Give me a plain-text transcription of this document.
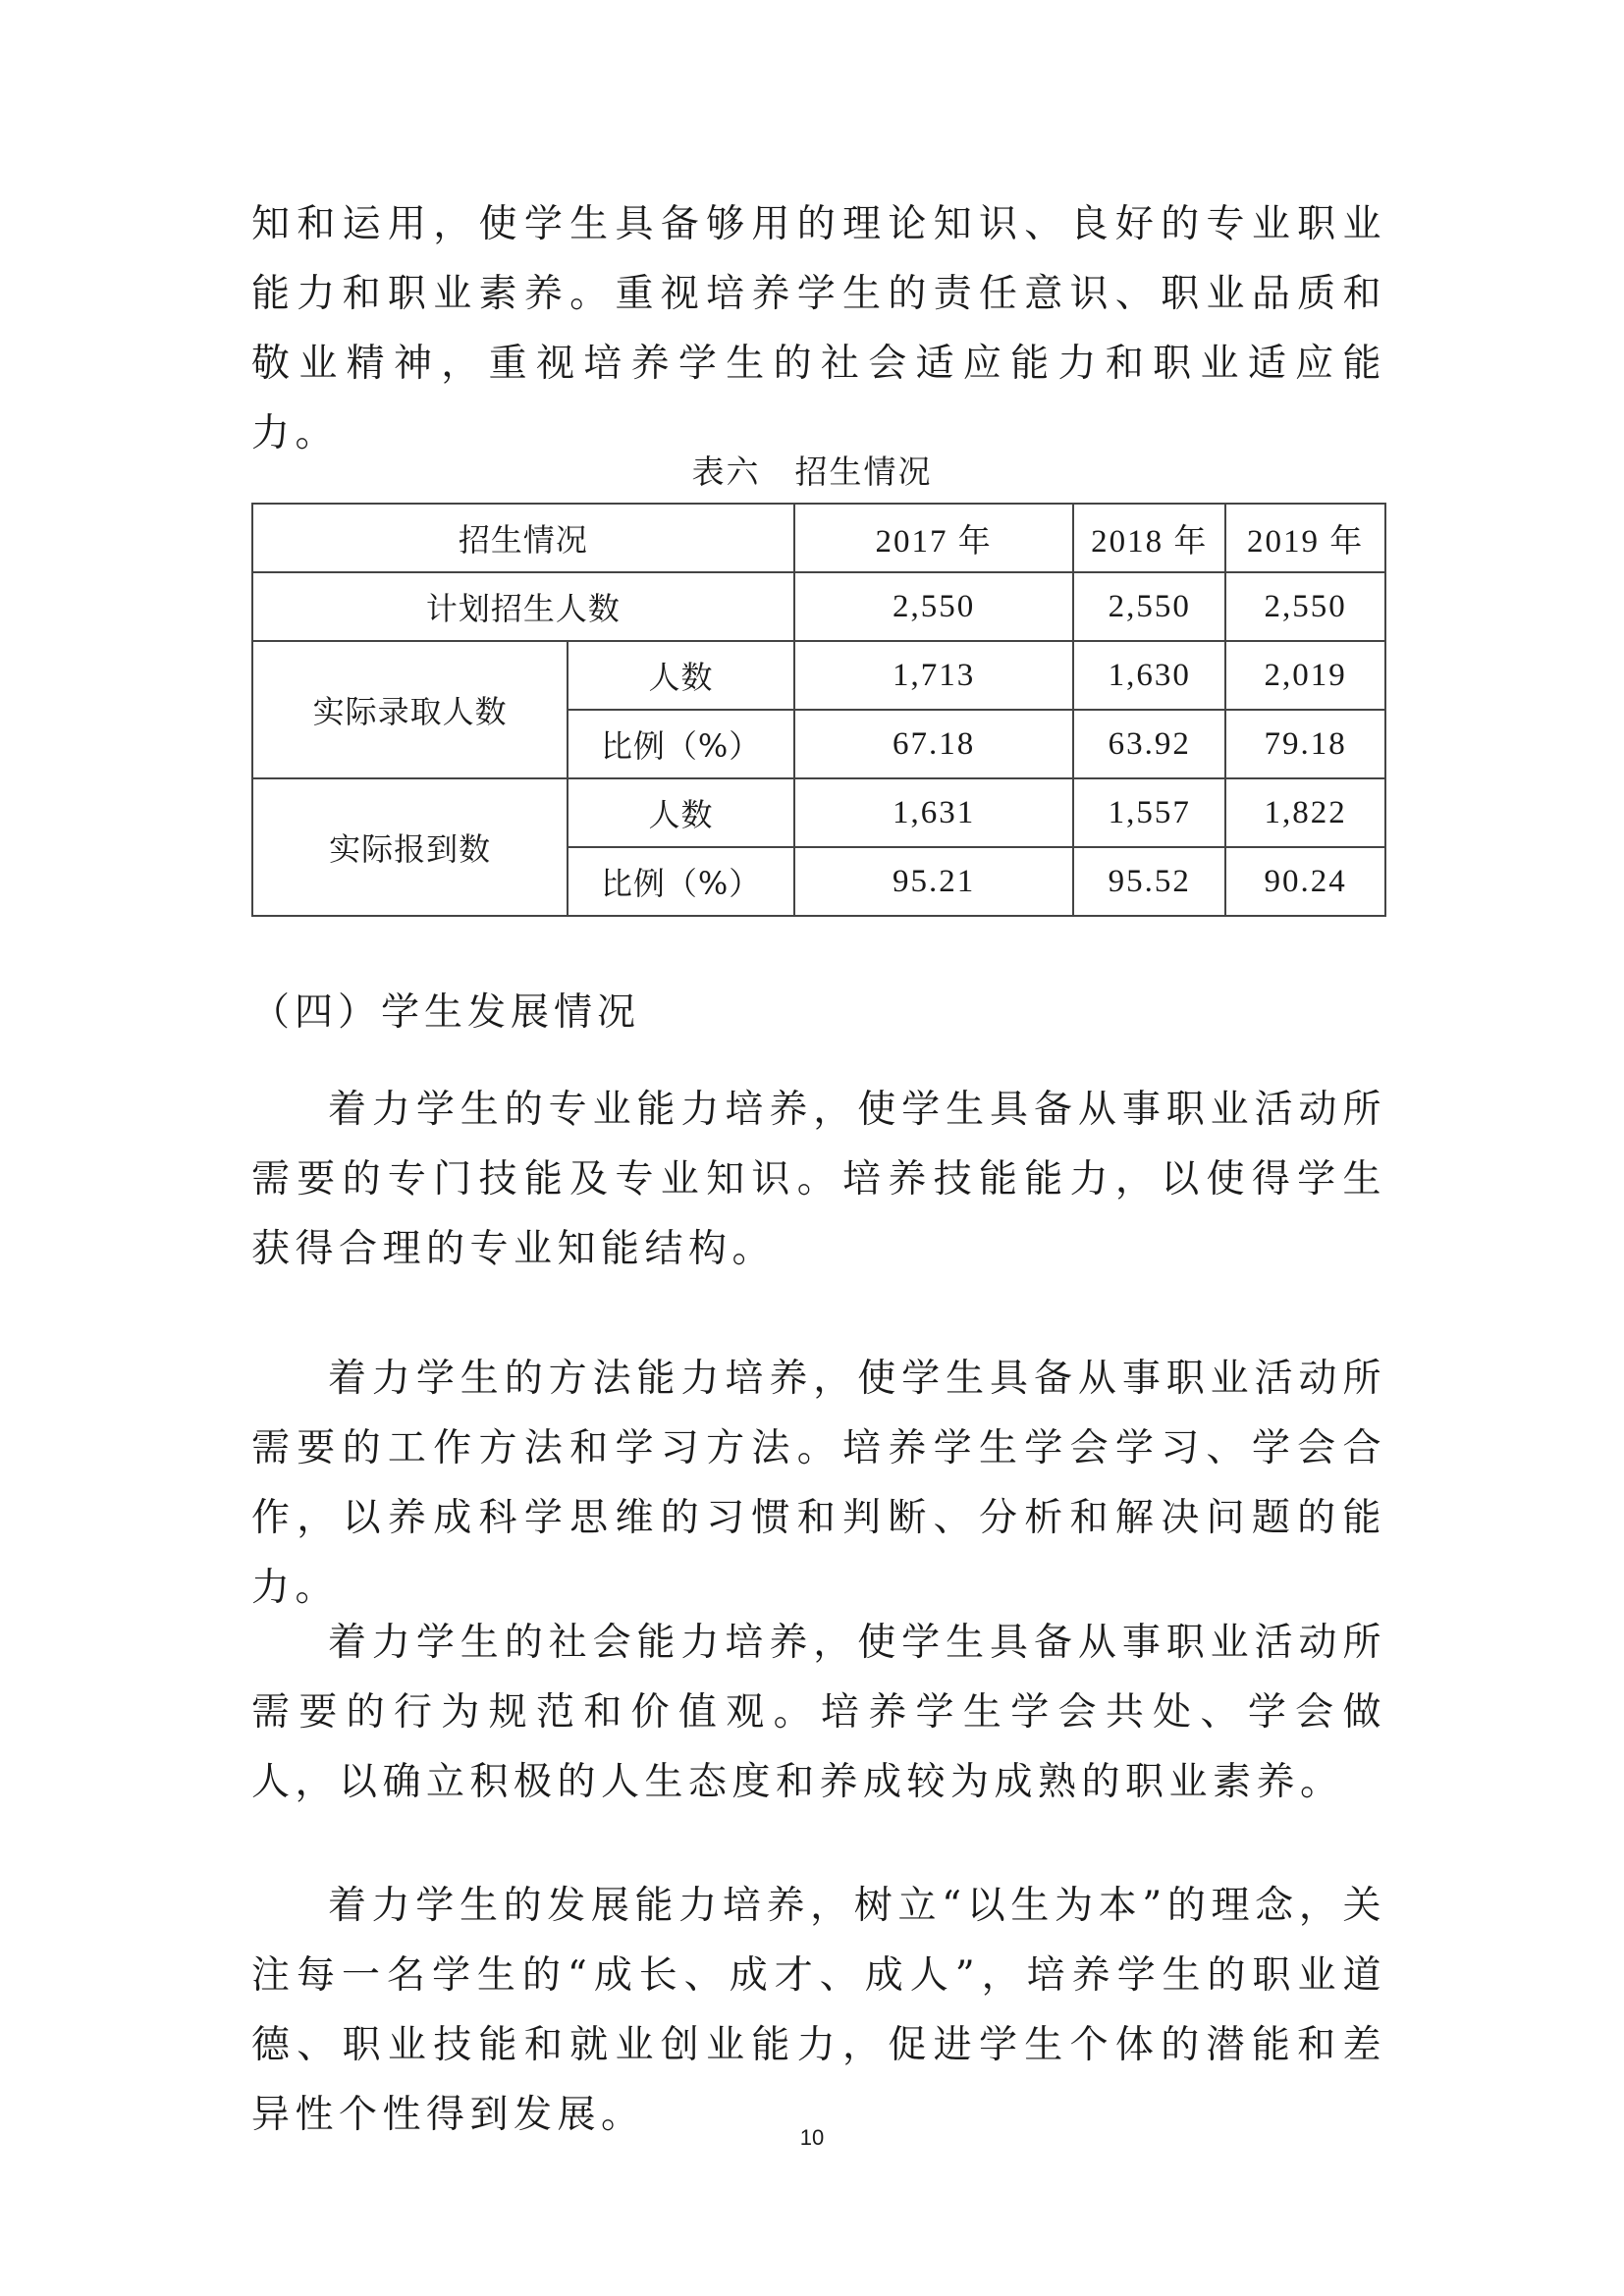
知和运用，使学生具备够用的理论知识、良好的专业职业能力和职业素养。重视培养学生的责任意识、职业品质和敬业精神，重视培养学生的社会适应能力和职业适应能力。

表六　招生情况

招生情况		2017 年	2018 年	2019 年
计划招生人数		2,550	2,550	2,550
实际录取人数	人数	1,713	1,630	2,019
	比例（%）	67.18	63.92	79.18
实际报到数	人数	1,631	1,557	1,822
	比例（%）	95.21	95.52	90.24

（四）学生发展情况

着力学生的专业能力培养，使学生具备从事职业活动所需要的专门技能及专业知识。培养技能能力，以使得学生获得合理的专业知能结构。

着力学生的方法能力培养，使学生具备从事职业活动所需要的工作方法和学习方法。培养学生学会学习、学会合作，以养成科学思维的习惯和判断、分析和解决问题的能力。

着力学生的社会能力培养，使学生具备从事职业活动所需要的行为规范和价值观。培养学生学会共处、学会做人，以确立积极的人生态度和养成较为成熟的职业素养。

着力学生的发展能力培养，树立“以生为本”的理念，关注每一名学生的“成长、成才、成人”，培养学生的职业道德、职业技能和就业创业能力，促进学生个体的潜能和差异性个性得到发展。

10
